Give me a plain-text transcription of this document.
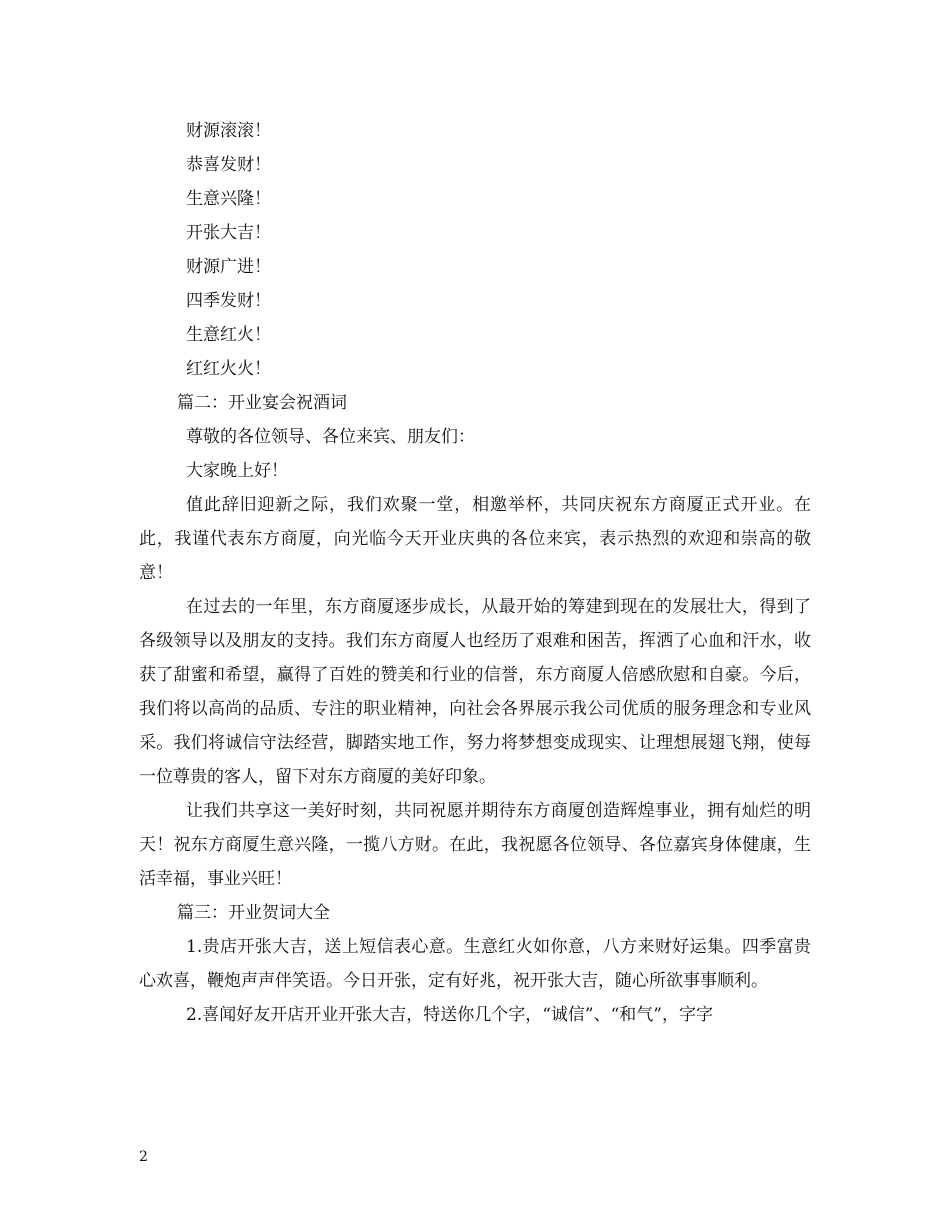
财源滚滚！

恭喜发财！

生意兴隆！

开张大吉！

财源广进！

四季发财！

生意红火！

红红火火！

篇二：开业宴会祝酒词

尊敬的各位领导、各位来宾、朋友们：

大家晚上好！

值此辞旧迎新之际，我们欢聚一堂，相邀举杯，共同庆祝东方商厦正式开业。在此，我谨代表东方商厦，向光临今天开业庆典的各位来宾，表示热烈的欢迎和崇高的敬意！

在过去的一年里，东方商厦逐步成长，从最开始的筹建到现在的发展壮大，得到了各级领导以及朋友的支持。我们东方商厦人也经历了艰难和困苦，挥洒了心血和汗水，收获了甜蜜和希望，赢得了百姓的赞美和行业的信誉，东方商厦人倍感欣慰和自豪。今后，我们将以高尚的品质、专注的职业精神，向社会各界展示我公司优质的服务理念和专业风采。我们将诚信守法经营，脚踏实地工作，努力将梦想变成现实、让理想展翅飞翔，使每一位尊贵的客人，留下对东方商厦的美好印象。

让我们共享这一美好时刻，共同祝愿并期待东方商厦创造辉煌事业，拥有灿烂的明天！祝东方商厦生意兴隆，一揽八方财。在此，我祝愿各位领导、各位嘉宾身体健康，生活幸福，事业兴旺！

篇三：开业贺词大全

1.贵店开张大吉，送上短信表心意。生意红火如你意，八方来财好运集。四季富贵心欢喜，鞭炮声声伴笑语。今日开张，定有好兆，祝开张大吉，随心所欲事事顺利。

2.喜闻好友开店开业开张大吉，特送你几个字，“诚信”、“和气”，字字

2
